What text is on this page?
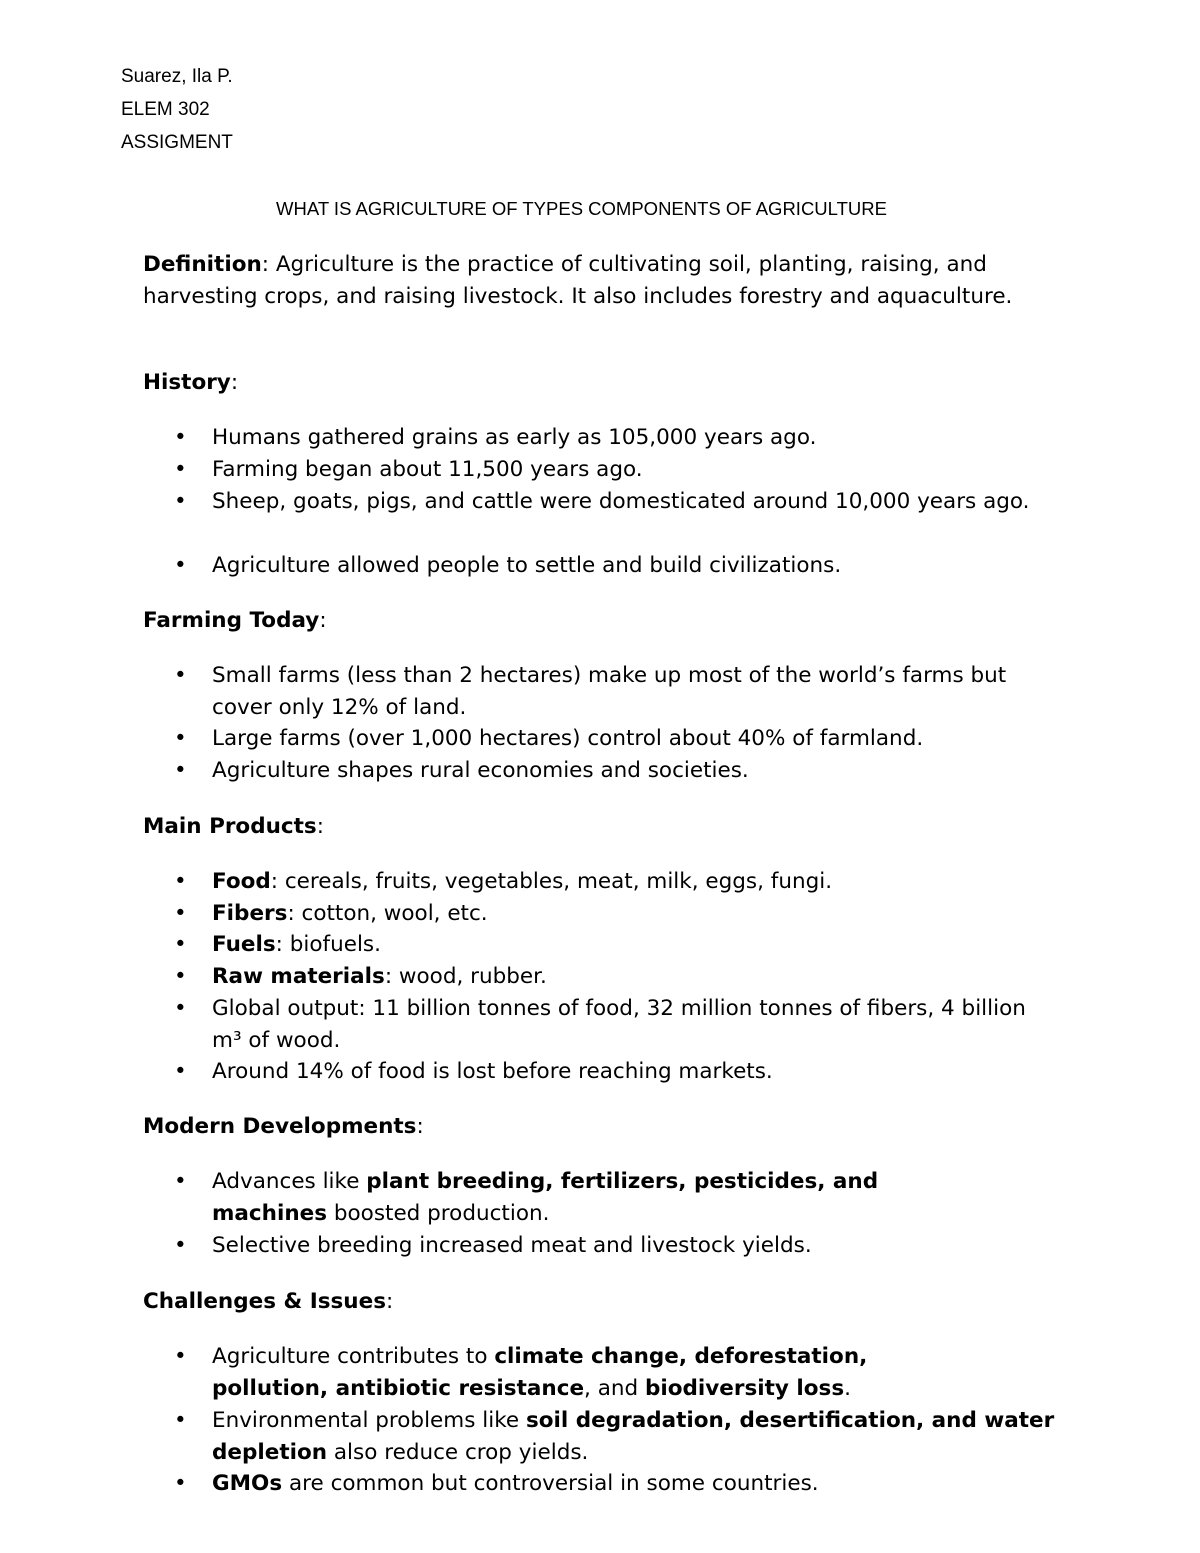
Suarez, Ila P.
ELEM 302
ASSIGMENT
WHAT IS AGRICULTURE OF TYPES COMPONENTS OF AGRICULTURE

Definition: Agriculture is the practice of cultivating soil, planting, raising, and harvesting crops, and raising livestock. It also includes forestry and aquaculture.

History:
•	Humans gathered grains as early as 105,000 years ago.
•	Farming began about 11,500 years ago.
•	Sheep, goats, pigs, and cattle were domesticated around 10,000 years ago.
•	Agriculture allowed people to settle and build civilizations.
Farming Today:
•	Small farms (less than 2 hectares) make up most of the world’s farms but cover only 12% of land.
•	Large farms (over 1,000 hectares) control about 40% of farmland.
•	Agriculture shapes rural economies and societies.
Main Products:
•	Food: cereals, fruits, vegetables, meat, milk, eggs, fungi.
•	Fibers: cotton, wool, etc.
•	Fuels: biofuels.
•	Raw materials: wood, rubber.
•	Global output: 11 billion tonnes of food, 32 million tonnes of fibers, 4 billion m³ of wood.
•	Around 14% of food is lost before reaching markets.
Modern Developments:
•	Advances like plant breeding, fertilizers, pesticides, and machines boosted production.
•	Selective breeding increased meat and livestock yields.
Challenges & Issues:
•	Agriculture contributes to climate change, deforestation, pollution, antibiotic resistance, and biodiversity loss.
•	Environmental problems like soil degradation, desertification, and water depletion also reduce crop yields.
•	GMOs are common but controversial in some countries.
